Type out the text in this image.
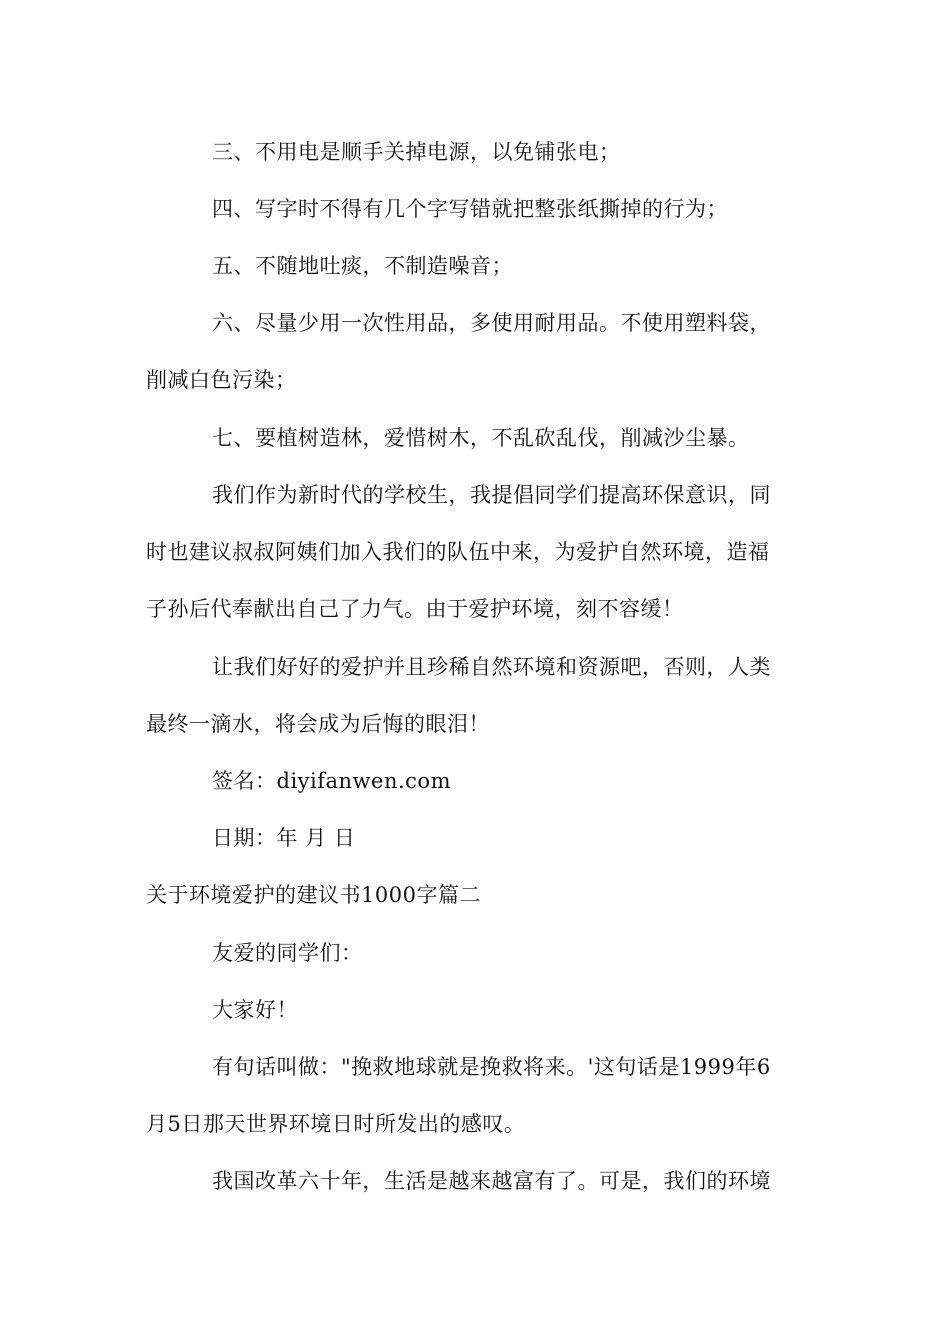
三、不用电是顺手关掉电源，以免铺张电；
四、写字时不得有几个字写错就把整张纸撕掉的行为；
五、不随地吐痰，不制造噪音；
六、尽量少用一次性用品，多使用耐用品。不使用塑料袋，
削减白色污染；
七、要植树造林，爱惜树木，不乱砍乱伐，削减沙尘暴。
我们作为新时代的学校生，我提倡同学们提高环保意识，同
时也建议叔叔阿姨们加入我们的队伍中来，为爱护自然环境，造福
子孙后代奉献出自己了力气。由于爱护环境，刻不容缓！
让我们好好的爱护并且珍稀自然环境和资源吧，否则，人类
最终一滴水，将会成为后悔的眼泪！
签名：diyifanwen.com
日期：年 月 日
关于环境爱护的建议书1000字篇二
友爱的同学们：
大家好！
有句话叫做："挽救地球就是挽救将来。'这句话是1999年6
月5日那天世界环境日时所发出的感叹。
我国改革六十年，生活是越来越富有了。可是，我们的环境
